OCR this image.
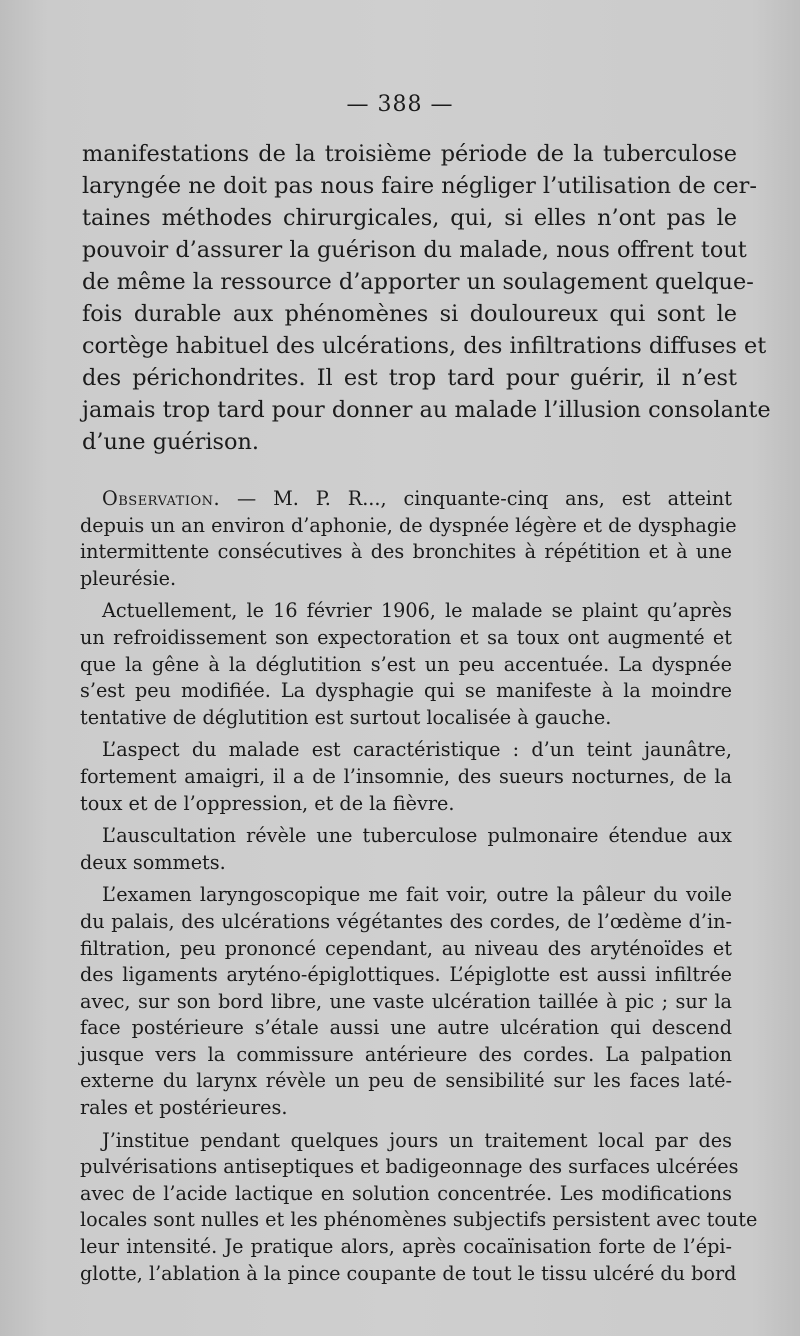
— 388 —

manifestations de la troisième période de la tuberculose
laryngée ne doit pas nous faire négliger l’utilisation de cer-
taines méthodes chirurgicales, qui, si elles n’ont pas le
pouvoir d’assurer la guérison du malade, nous offrent tout
de même la ressource d’apporter un soulagement quelque-
fois durable aux phénomènes si douloureux qui sont le
cortège habituel des ulcérations, des infiltrations diffuses et
des périchondrites. Il est trop tard pour guérir, il n’est
jamais trop tard pour donner au malade l’illusion consolante
d’une guérison.

Observation. — M. P. R..., cinquante-cinq ans, est atteint
depuis un an environ d’aphonie, de dyspnée légère et de dysphagie
intermittente consécutives à des bronchites à répétition et à une
pleurésie.

Actuellement, le 16 février 1906, le malade se plaint qu’après
un refroidissement son expectoration et sa toux ont augmenté et
que la gêne à la déglutition s’est un peu accentuée. La dyspnée
s’est peu modifiée. La dysphagie qui se manifeste à la moindre
tentative de déglutition est surtout localisée à gauche.

L’aspect du malade est caractéristique : d’un teint jaunâtre,
fortement amaigri, il a de l’insomnie, des sueurs nocturnes, de la
toux et de l’oppression, et de la fièvre.

L’auscultation révèle une tuberculose pulmonaire étendue aux
deux sommets.

L’examen laryngoscopique me fait voir, outre la pâleur du voile
du palais, des ulcérations végétantes des cordes, de l’œdème d’in-
filtration, peu prononcé cependant, au niveau des aryténoïdes et
des ligaments aryténo-épiglottiques. L’épiglotte est aussi infiltrée
avec, sur son bord libre, une vaste ulcération taillée à pic ; sur la
face postérieure s’étale aussi une autre ulcération qui descend
jusque vers la commissure antérieure des cordes. La palpation
externe du larynx révèle un peu de sensibilité sur les faces laté-
rales et postérieures.

J’institue pendant quelques jours un traitement local par des
pulvérisations antiseptiques et badigeonnage des surfaces ulcérées
avec de l’acide lactique en solution concentrée. Les modifications
locales sont nulles et les phénomènes subjectifs persistent avec toute
leur intensité. Je pratique alors, après cocaïnisation forte de l’épi-
glotte, l’ablation à la pince coupante de tout le tissu ulcéré du bord
